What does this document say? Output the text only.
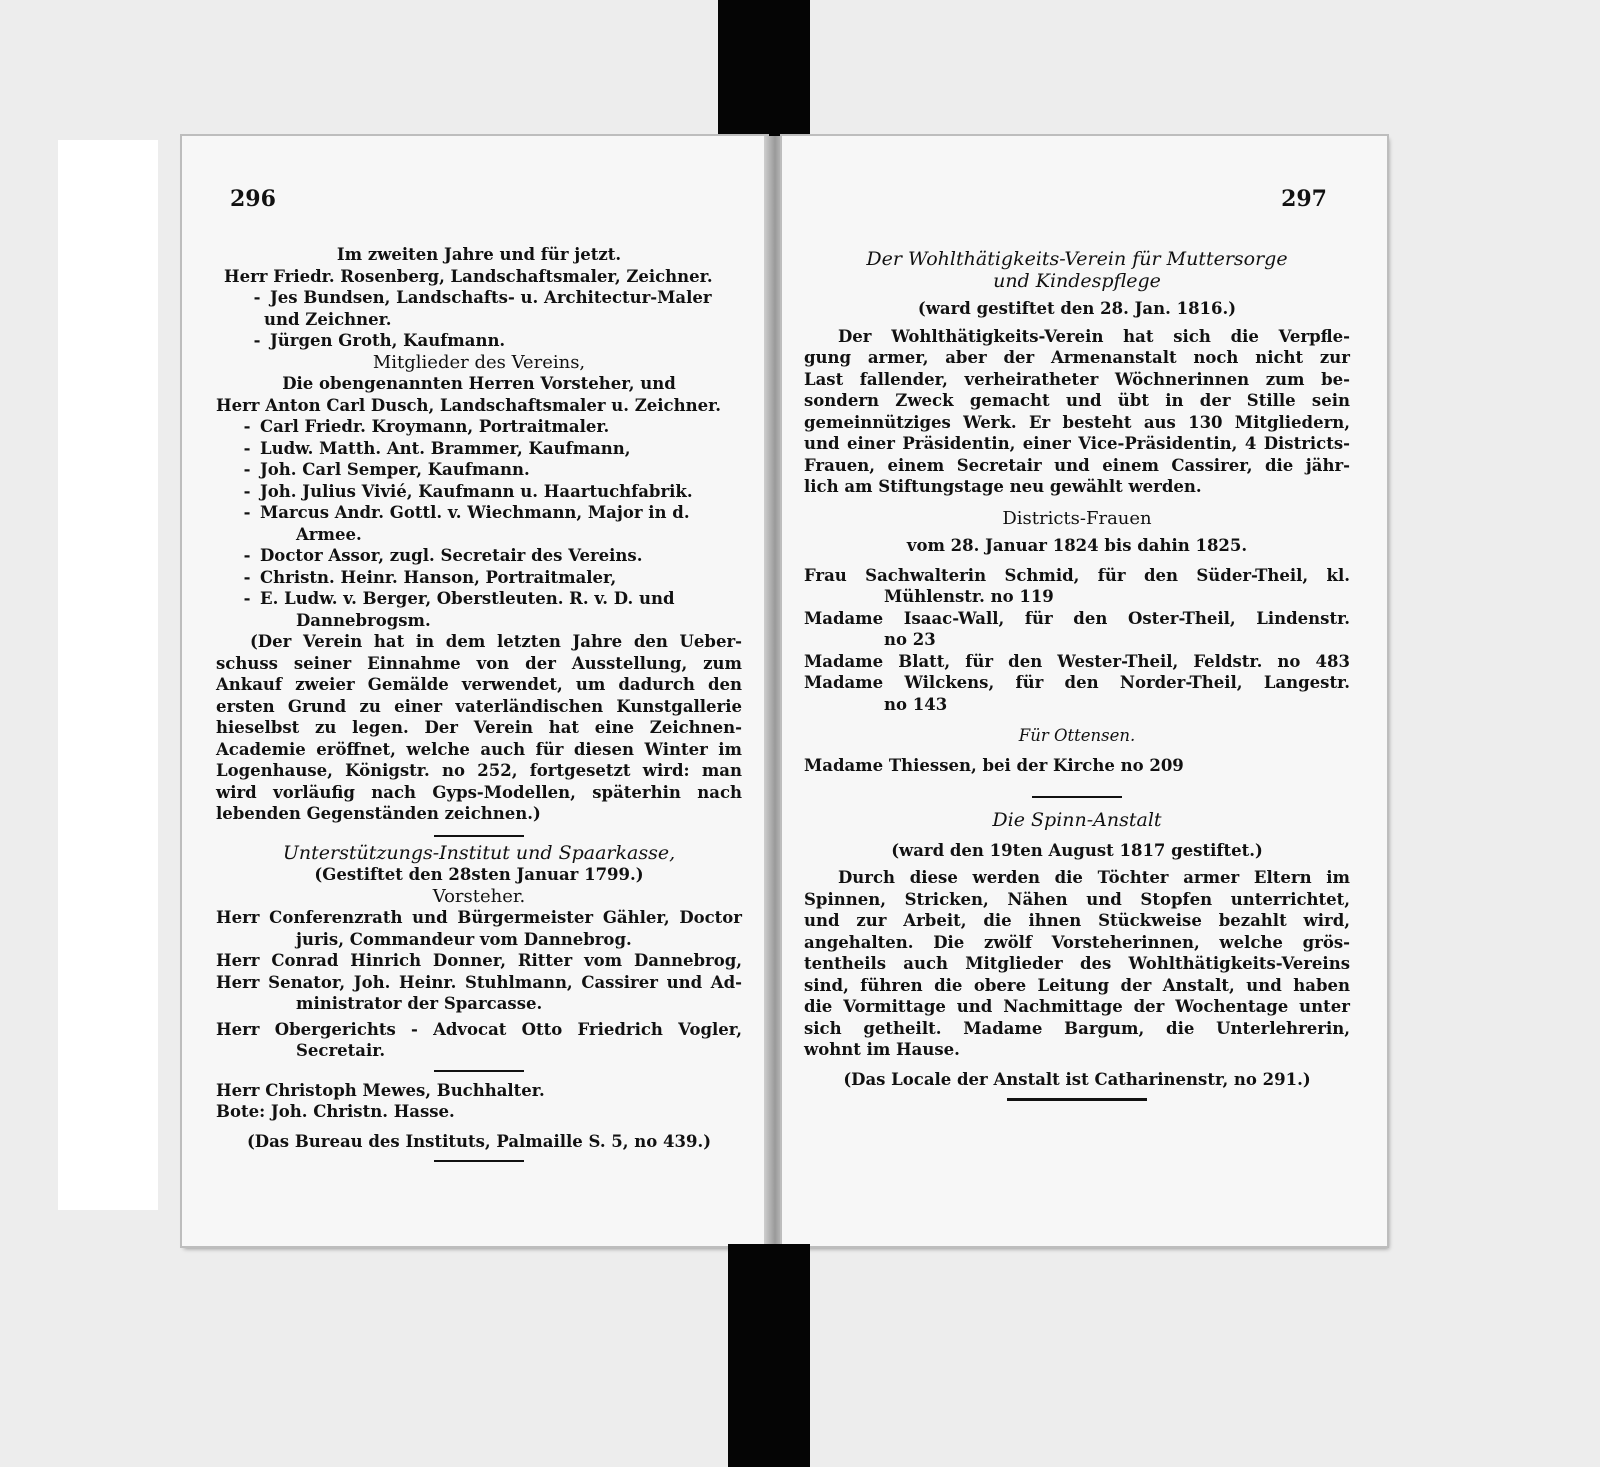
296
Im zweiten Jahre und für jetzt.
Herr Friedr. Rosenberg, Landschaftsmaler, Zeichner.
- Jes Bundsen, Landschafts- u. Architectur-Maler
und Zeichner.
- Jürgen Groth, Kaufmann.
Mitglieder des Vereins,
Die obengenannten Herren Vorsteher, und
Herr Anton Carl Dusch, Landschaftsmaler u. Zeichner.
- Carl Friedr. Kroymann, Portraitmaler.
- Ludw. Matth. Ant. Brammer, Kaufmann,
- Joh. Carl Semper, Kaufmann.
- Joh. Julius Vivié, Kaufmann u. Haartuchfabrik.
- Marcus Andr. Gottl. v. Wiechmann, Major in d.
Armee.
- Doctor Assor, zugl. Secretair des Vereins.
- Christn. Heinr. Hanson, Portraitmaler,
- E. Ludw. v. Berger, Oberstleuten. R. v. D. und
Dannebrogsm.
(Der Verein hat in dem letzten Jahre den Ueber-
schuss seiner Einnahme von der Ausstellung, zum
Ankauf zweier Gemälde verwendet, um dadurch den
ersten Grund zu einer vaterländischen Kunstgallerie
hieselbst zu legen. Der Verein hat eine Zeichnen-
Academie eröffnet, welche auch für diesen Winter im
Logenhause, Königstr. no 252, fortgesetzt wird: man
wird vorläufig nach Gyps-Modellen, späterhin nach
lebenden Gegenständen zeichnen.)
Unterstützungs-Institut und Spaarkasse,
(Gestiftet den 28sten Januar 1799.)
Vorsteher.
Herr Conferenzrath und Bürgermeister Gähler, Doctor
juris, Commandeur vom Dannebrog.
Herr Conrad Hinrich Donner, Ritter vom Dannebrog,
Herr Senator, Joh. Heinr. Stuhlmann, Cassirer und Ad-
ministrator der Sparcasse.
Herr Obergerichts - Advocat Otto Friedrich Vogler,
Secretair.
Herr Christoph Mewes, Buchhalter.
Bote: Joh. Christn. Hasse.
(Das Bureau des Instituts, Palmaille S. 5, no 439.)
297
Der Wohlthätigkeits-Verein für Muttersorge
und Kindespflege
(ward gestiftet den 28. Jan. 1816.)
Der Wohlthätigkeits-Verein hat sich die Verpfle-
gung armer, aber der Armenanstalt noch nicht zur
Last fallender, verheiratheter Wöchnerinnen zum be-
sondern Zweck gemacht und übt in der Stille sein
gemeinnütziges Werk. Er besteht aus 130 Mitgliedern,
und einer Präsidentin, einer Vice-Präsidentin, 4 Districts-
Frauen, einem Secretair und einem Cassirer, die jähr-
lich am Stiftungstage neu gewählt werden.
Districts-Frauen
vom 28. Januar 1824 bis dahin 1825.
Frau Sachwalterin Schmid, für den Süder-Theil, kl.
Mühlenstr. no 119
Madame Isaac-Wall, für den Oster-Theil, Lindenstr.
no 23
Madame Blatt, für den Wester-Theil, Feldstr. no 483
Madame Wilckens, für den Norder-Theil, Langestr.
no 143
Für Ottensen.
Madame Thiessen, bei der Kirche no 209
Die Spinn-Anstalt
(ward den 19ten August 1817 gestiftet.)
Durch diese werden die Töchter armer Eltern im
Spinnen, Stricken, Nähen und Stopfen unterrichtet,
und zur Arbeit, die ihnen Stückweise bezahlt wird,
angehalten. Die zwölf Vorsteherinnen, welche grös-
tentheils auch Mitglieder des Wohlthätigkeits-Vereins
sind, führen die obere Leitung der Anstalt, und haben
die Vormittage und Nachmittage der Wochentage unter
sich getheilt. Madame Bargum, die Unterlehrerin,
wohnt im Hause.
(Das Locale der Anstalt ist Catharinenstr, no 291.)
